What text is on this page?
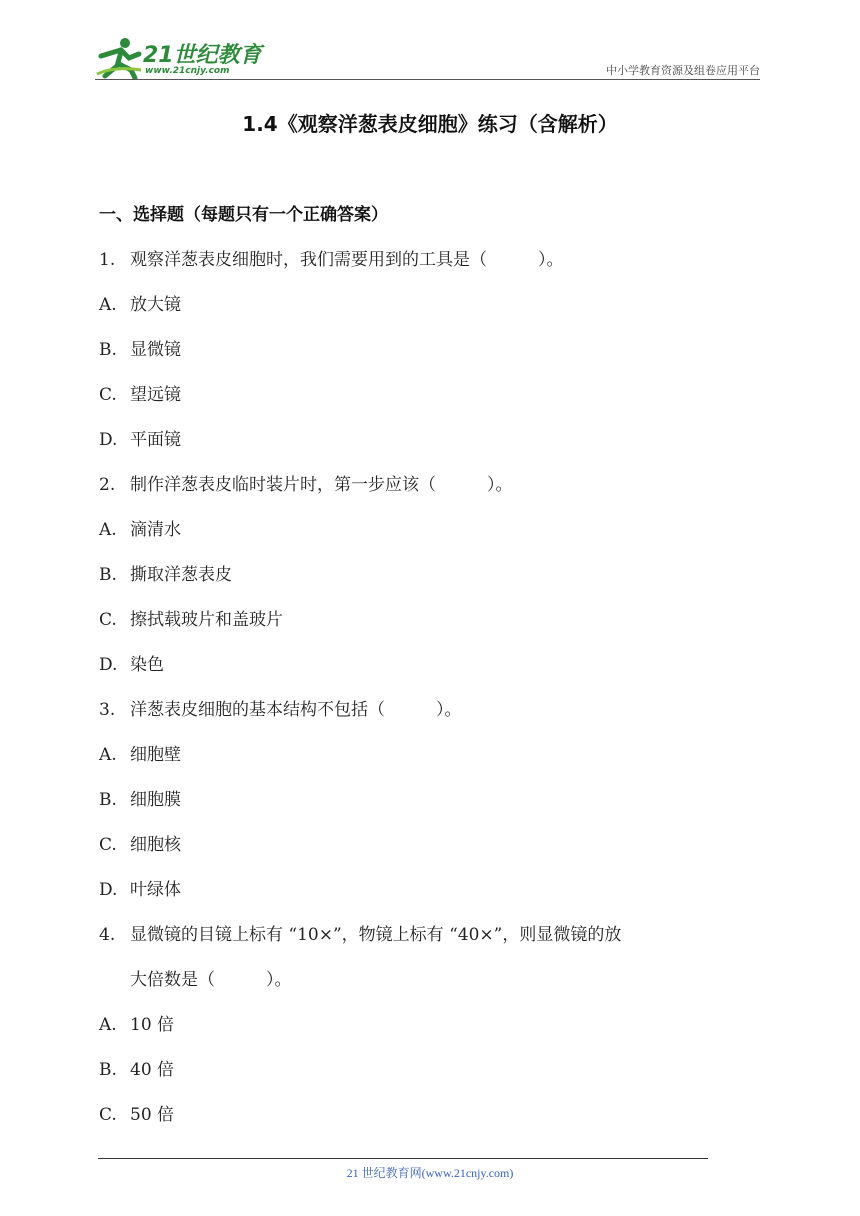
21世纪教育
www.21cnjy.com	中小学教育资源及组卷应用平台
1.4《观察洋葱表皮细胞》练习（含解析）
一、选择题（每题只有一个正确答案）
1. 观察洋葱表皮细胞时，我们需要用到的工具是（　　　）。
A. 放大镜
B. 显微镜
C. 望远镜
D. 平面镜
2. 制作洋葱表皮临时装片时，第一步应该（　　　）。
A. 滴清水
B. 撕取洋葱表皮
C. 擦拭载玻片和盖玻片
D. 染色
3. 洋葱表皮细胞的基本结构不包括（　　　）。
A. 细胞壁
B. 细胞膜
C. 细胞核
D. 叶绿体
4. 显微镜的目镜上标有 “10×”，物镜上标有 “40×”，则显微镜的放
大倍数是（　　　）。
A. 10 倍
B. 40 倍
C. 50 倍
21 世纪教育网(www.21cnjy.com)
